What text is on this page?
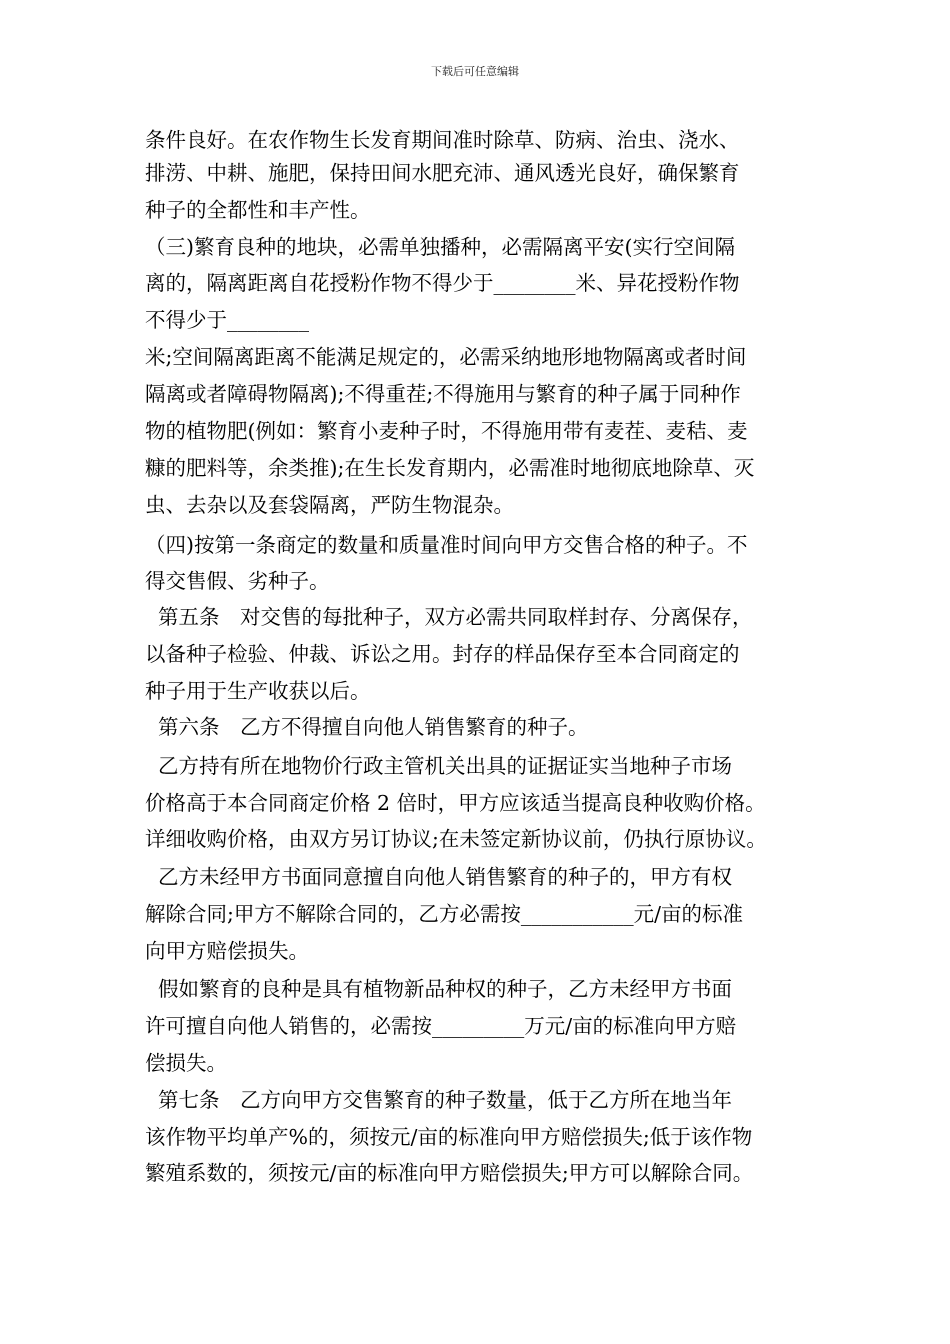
下载后可任意编辑
条件良好。在农作物生长发育期间准时除草、防病、治虫、浇水、
排涝、中耕、施肥，保持田间水肥充沛、通风透光良好，确保繁育
种子的全都性和丰产性。
（三)繁育良种的地块，必需单独播种，必需隔离平安(实行空间隔
离的，隔离距离自花授粉作物不得少于________米、异花授粉作物
不得少于________
米;空间隔离距离不能满足规定的，必需采纳地形地物隔离或者时间
隔离或者障碍物隔离);不得重茬;不得施用与繁育的种子属于同种作
物的植物肥(例如：繁育小麦种子时，不得施用带有麦茬、麦秸、麦
糠的肥料等，余类推);在生长发育期内，必需准时地彻底地除草、灭
虫、去杂以及套袋隔离，严防生物混杂。
（四)按第一条商定的数量和质量准时间向甲方交售合格的种子。不
得交售假、劣种子。
第五条　对交售的每批种子，双方必需共同取样封存、分离保存，
以备种子检验、仲裁、诉讼之用。封存的样品保存至本合同商定的
种子用于生产收获以后。
第六条　乙方不得擅自向他人销售繁育的种子。
乙方持有所在地物价行政主管机关出具的证据证实当地种子市场
价格高于本合同商定价格 2 倍时，甲方应该适当提高良种收购价格。
详细收购价格，由双方另订协议;在未签定新协议前，仍执行原协议。
乙方未经甲方书面同意擅自向他人销售繁育的种子的，甲方有权
解除合同;甲方不解除合同的，乙方必需按___________元/亩的标准
向甲方赔偿损失。
假如繁育的良种是具有植物新品种权的种子，乙方未经甲方书面
许可擅自向他人销售的，必需按_________万元/亩的标准向甲方赔
偿损失。
第七条　乙方向甲方交售繁育的种子数量，低于乙方所在地当年
该作物平均单产%的，须按元/亩的标准向甲方赔偿损失;低于该作物
繁殖系数的，须按元/亩的标准向甲方赔偿损失;甲方可以解除合同。
